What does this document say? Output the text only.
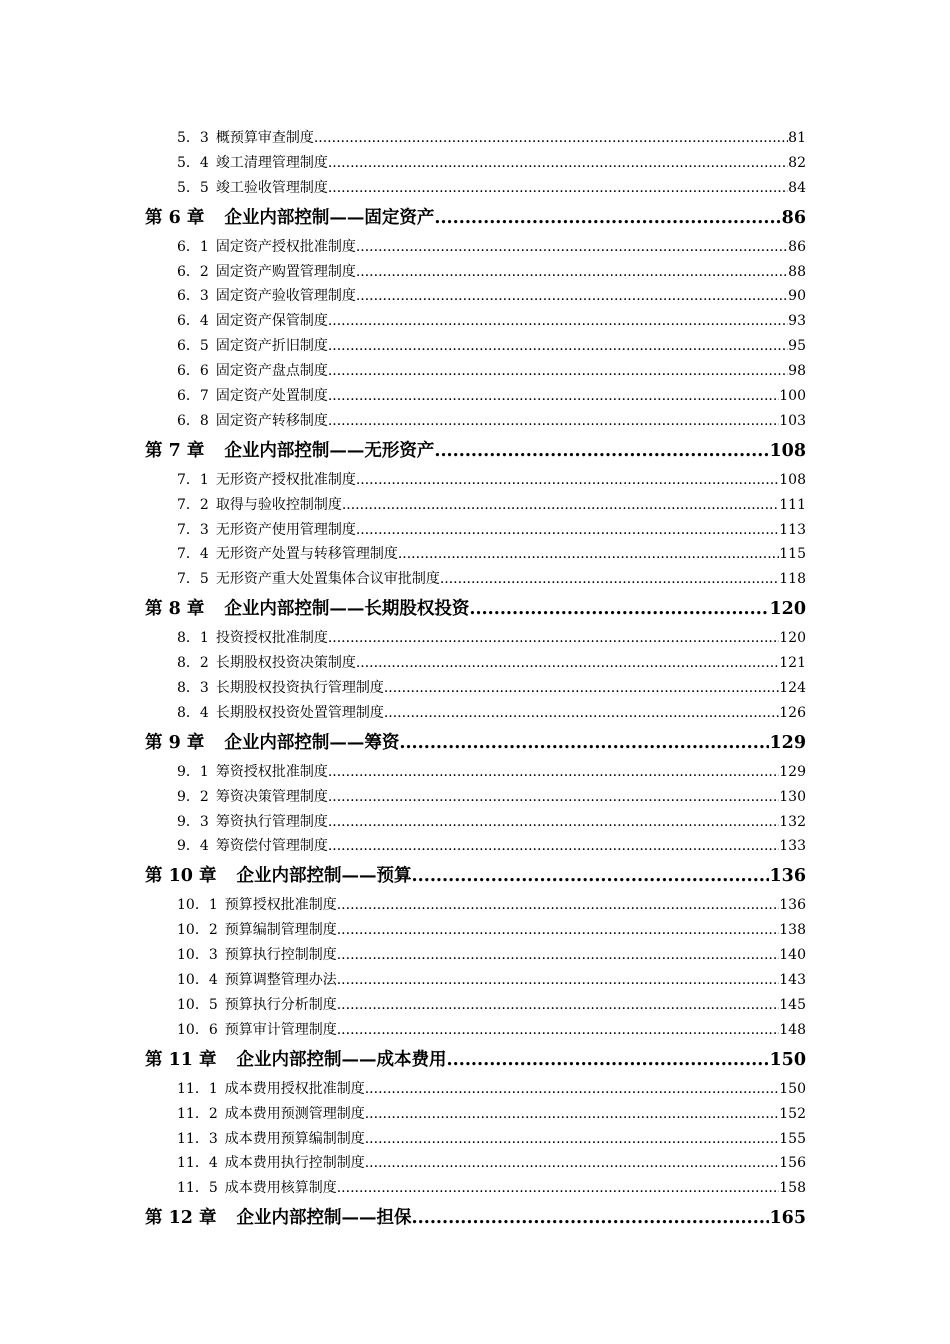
5．3 概预算审查制度 .....	81
5．4 竣工清理管理制度 .....	82
5．5 竣工验收管理制度 .....	84
第 6 章 企业内部控制——固定资产 .....	86
6．1 固定资产授权批准制度 .....	86
6．2 固定资产购置管理制度 .....	88
6．3 固定资产验收管理制度 .....	90
6．4 固定资产保管制度 .....	93
6．5 固定资产折旧制度 .....	95
6．6 固定资产盘点制度 .....	98
6．7 固定资产处置制度 .....	100
6．8 固定资产转移制度 .....	103
第 7 章 企业内部控制——无形资产 .....	108
7．1 无形资产授权批准制度 .....	108
7．2 取得与验收控制制度 .....	111
7．3 无形资产使用管理制度 .....	113
7．4 无形资产处置与转移管理制度 .....	115
7．5 无形资产重大处置集体合议审批制度 .....	118
第 8 章 企业内部控制——长期股权投资 .....	120
8．1 投资授权批准制度 .....	120
8．2 长期股权投资决策制度 .....	121
8．3 长期股权投资执行管理制度 .....	124
8．4 长期股权投资处置管理制度 .....	126
第 9 章 企业内部控制——筹资 .....	129
9．1 筹资授权批准制度 .....	129
9．2 筹资决策管理制度 .....	130
9．3 筹资执行管理制度 .....	132
9．4 筹资偿付管理制度 .....	133
第 10 章 企业内部控制——预算 .....	136
10．1 预算授权批准制度 .....	136
10．2 预算编制管理制度 .....	138
10．3 预算执行控制制度 .....	140
10．4 预算调整管理办法 .....	143
10．5 预算执行分析制度 .....	145
10．6 预算审计管理制度 .....	148
第 11 章 企业内部控制——成本费用 .....	150
11．1 成本费用授权批准制度 .....	150
11．2 成本费用预测管理制度 .....	152
11．3 成本费用预算编制制度 .....	155
11．4 成本费用执行控制制度 .....	156
11．5 成本费用核算制度 .....	158
第 12 章 企业内部控制——担保 .....	165
